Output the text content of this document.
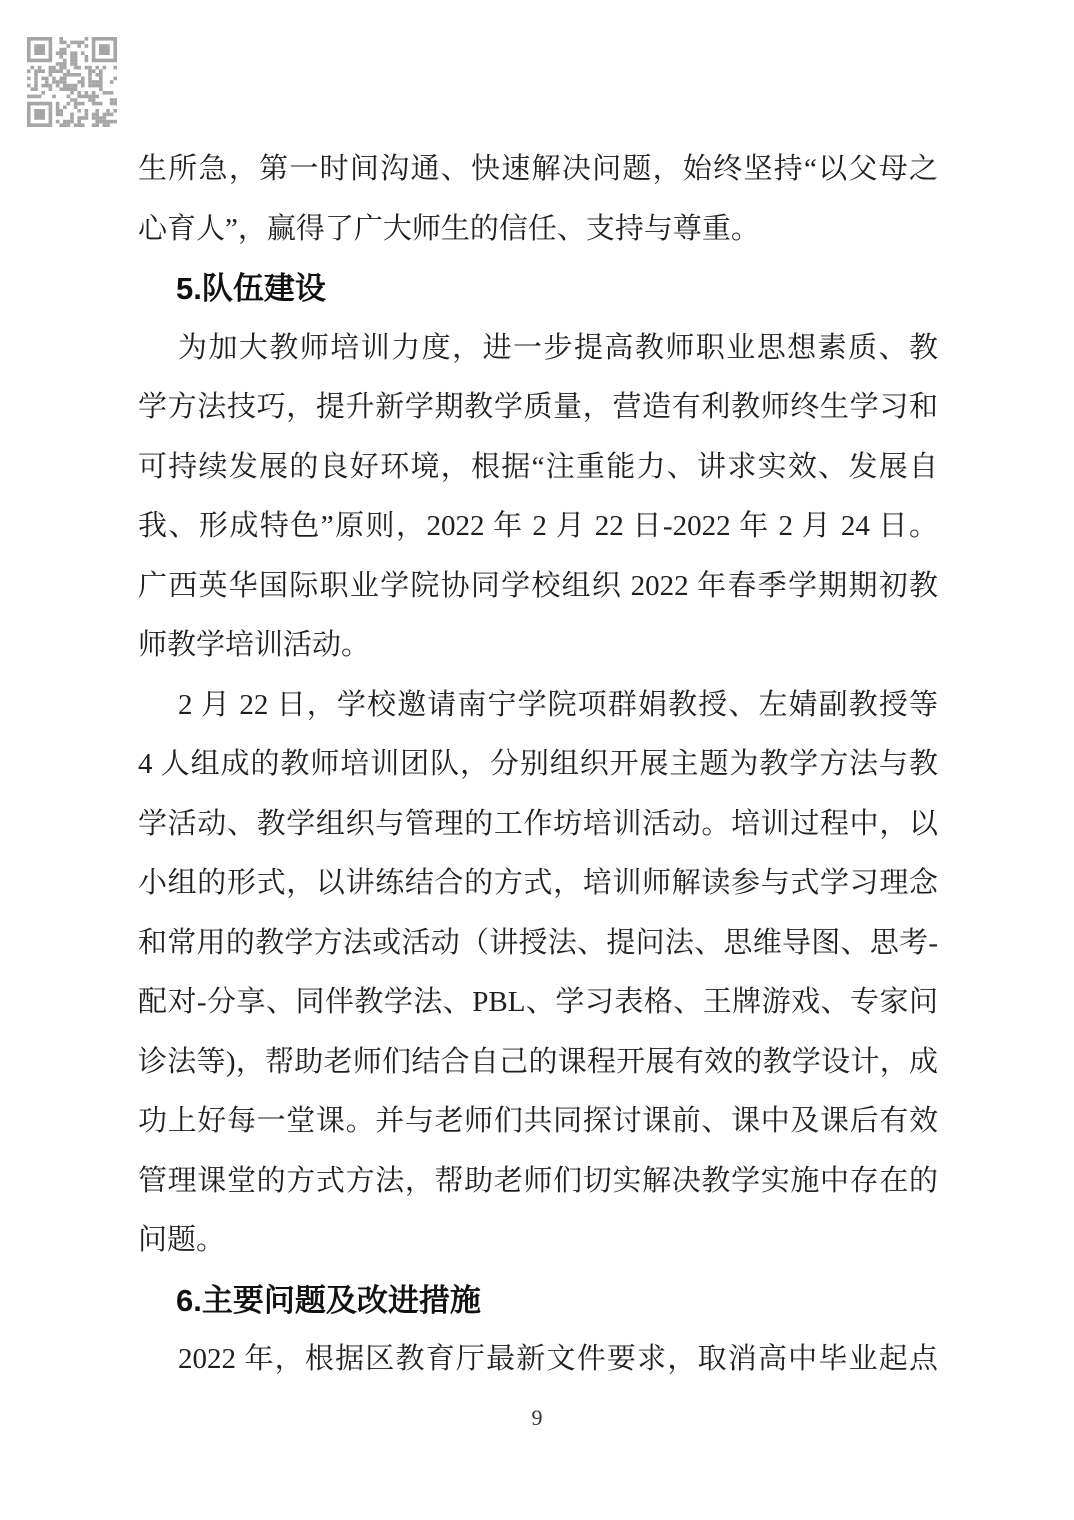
生所急，第一时间沟通、快速解决问题，始终坚持“以父母之
心育人”，赢得了广大师生的信任、支持与尊重。
5.队伍建设
为加大教师培训力度，进一步提高教师职业思想素质、教
学方法技巧，提升新学期教学质量，营造有利教师终生学习和
可持续发展的良好环境，根据“注重能力、讲求实效、发展自
我、形成特色”原则，2022 年 2 月 22 日-2022 年 2 月 24 日。
广西英华国际职业学院协同学校组织 2022 年春季学期期初教
师教学培训活动。
2 月 22 日，学校邀请南宁学院项群娟教授、左婧副教授等
4 人组成的教师培训团队，分别组织开展主题为教学方法与教
学活动、教学组织与管理的工作坊培训活动。培训过程中，以
小组的形式，以讲练结合的方式，培训师解读参与式学习理念
和常用的教学方法或活动（讲授法、提问法、思维导图、思考-
配对-分享、同伴教学法、PBL、学习表格、王牌游戏、专家问
诊法等)，帮助老师们结合自己的课程开展有效的教学设计，成
功上好每一堂课。并与老师们共同探讨课前、课中及课后有效
管理课堂的方式方法，帮助老师们切实解决教学实施中存在的
问题。
6.主要问题及改进措施
2022 年，根据区教育厅最新文件要求，取消高中毕业起点
9
